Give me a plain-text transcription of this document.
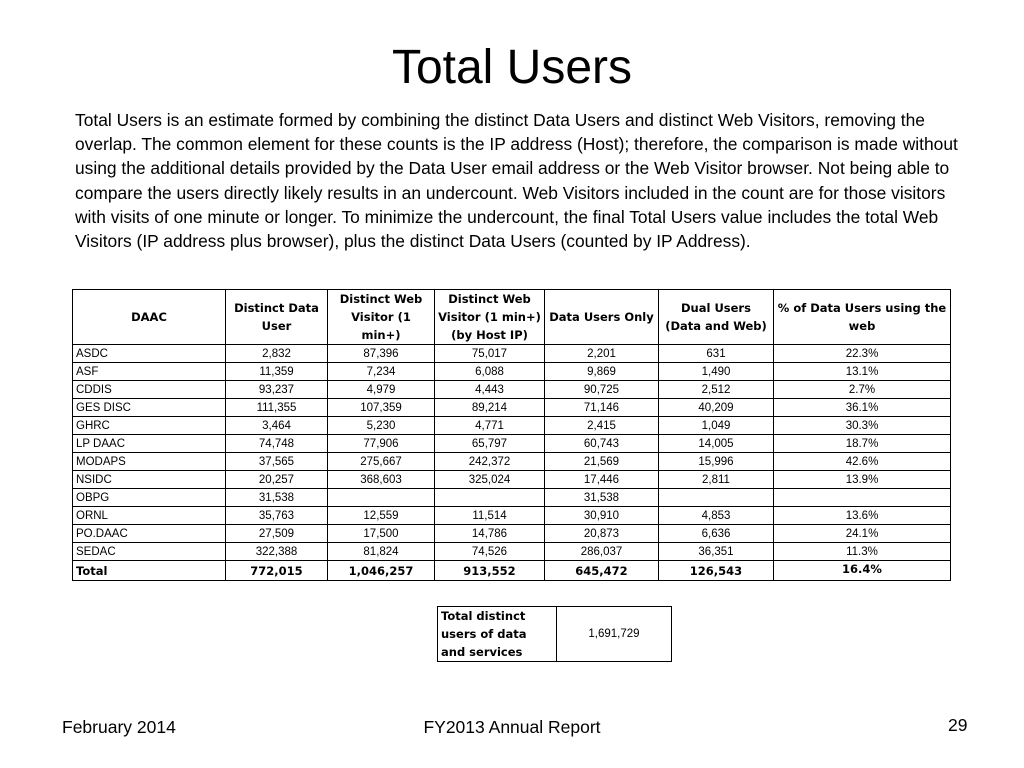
Total Users

Total Users is an estimate formed by combining the distinct Data Users and distinct Web Visitors, removing the overlap. The common element for these counts is the IP address (Host); therefore, the comparison is made without using the additional details provided by the Data User email address or the Web Visitor browser. Not being able to compare the users directly likely results in an undercount. Web Visitors included in the count are for those visitors with visits of one minute or longer. To minimize the undercount, the final Total Users value includes the total Web Visitors (IP address plus browser), plus the distinct Data Users (counted by IP Address).

DAAC	Distinct Data User	Distinct Web Visitor (1 min+)	Distinct Web Visitor (1 min+) (by Host IP)	Data Users Only	Dual Users (Data and Web)	% of Data Users using the web
ASDC	2,832	87,396	75,017	2,201	631	22.3%
ASF	11,359	7,234	6,088	9,869	1,490	13.1%
CDDIS	93,237	4,979	4,443	90,725	2,512	2.7%
GES DISC	111,355	107,359	89,214	71,146	40,209	36.1%
GHRC	3,464	5,230	4,771	2,415	1,049	30.3%
LP DAAC	74,748	77,906	65,797	60,743	14,005	18.7%
MODAPS	37,565	275,667	242,372	21,569	15,996	42.6%
NSIDC	20,257	368,603	325,024	17,446	2,811	13.9%
OBPG	31,538			31,538		
ORNL	35,763	12,559	11,514	30,910	4,853	13.6%
PO.DAAC	27,509	17,500	14,786	20,873	6,636	24.1%
SEDAC	322,388	81,824	74,526	286,037	36,351	11.3%
Total	772,015	1,046,257	913,552	645,472	126,543	16.4%
Total distinct users of data and services	1,691,729
February 2014	FY2013 Annual Report	29
